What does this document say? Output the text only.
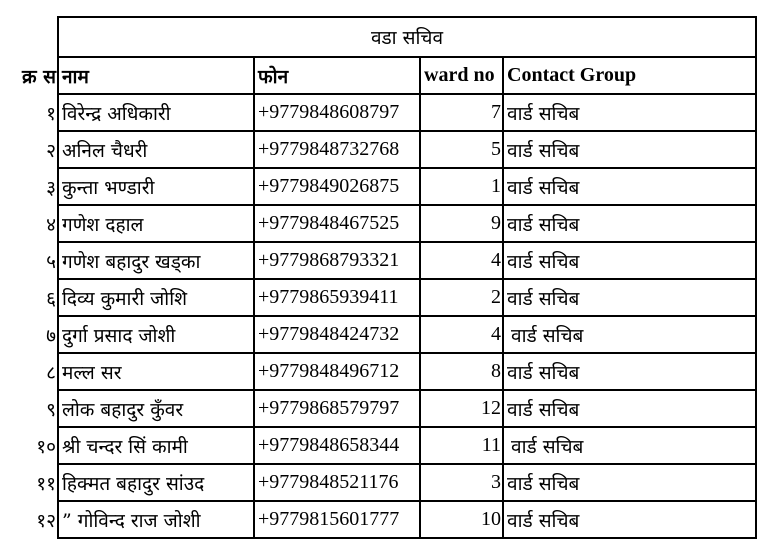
	वडा सचिव			
क्र स	नाम	फोन	ward no	Contact Group
१	विरेन्द्र अधिकारी	+9779848608797	7	वार्ड सचिब
२	अनिल चैधरी	+9779848732768	5	वार्ड सचिब
३	कुन्ता भण्डारी	+9779849026875	1	वार्ड सचिब
४	गणेश दहाल	+9779848467525	9	वार्ड सचिब
५	गणेश बहादुर खड्का	+9779868793321	4	वार्ड सचिब
६	दिव्य कुमारी जोशि	+9779865939411	2	वार्ड सचिब
७	दुर्गा प्रसाद जोशी	+9779848424732	4	वार्ड सचिब
८	मल्ल सर	+9779848496712	8	वार्ड सचिब
९	लोक बहादुर कुँवर	+9779868579797	12	वार्ड सचिब
१०	श्री चन्दर सिं कामी	+9779848658344	11	वार्ड सचिब
११	हिक्मत बहादुर सांउद	+9779848521176	3	वार्ड सचिब
१२	” गोविन्द राज जोशी	+9779815601777	10	वार्ड सचिब
